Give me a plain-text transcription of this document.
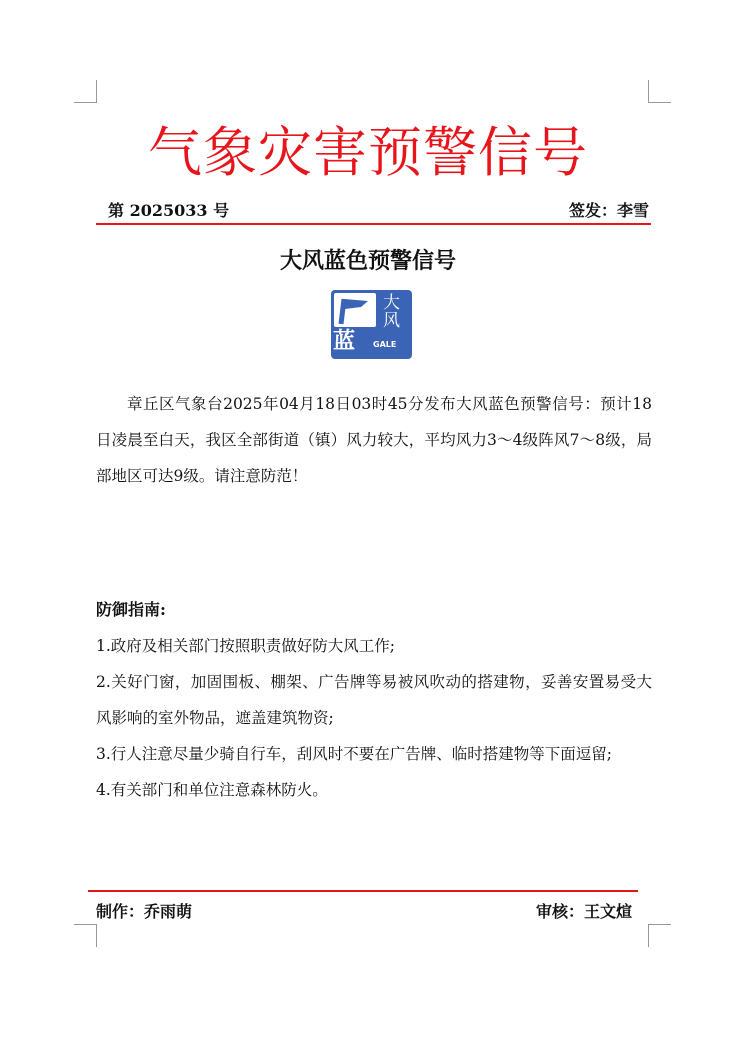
气象灾害预警信号
第 2025033 号	签发：李雪
大风蓝色预警信号
大
风
蓝	GALE
章丘区气象台2025年04月18日03时45分发布大风蓝色预警信号：预计18日凌晨至白天，我区全部街道（镇）风力较大，平均风力3～4级阵风7～8级，局部地区可达9级。请注意防范！
防御指南:
1.政府及相关部门按照职责做好防大风工作;
2.关好门窗，加固围板、棚架、广告牌等易被风吹动的搭建物，妥善安置易受大风影响的室外物品，遮盖建筑物资;
3.行人注意尽量少骑自行车，刮风时不要在广告牌、临时搭建物等下面逗留;
4.有关部门和单位注意森林防火。
制作：乔雨萌	审核：王文煊
